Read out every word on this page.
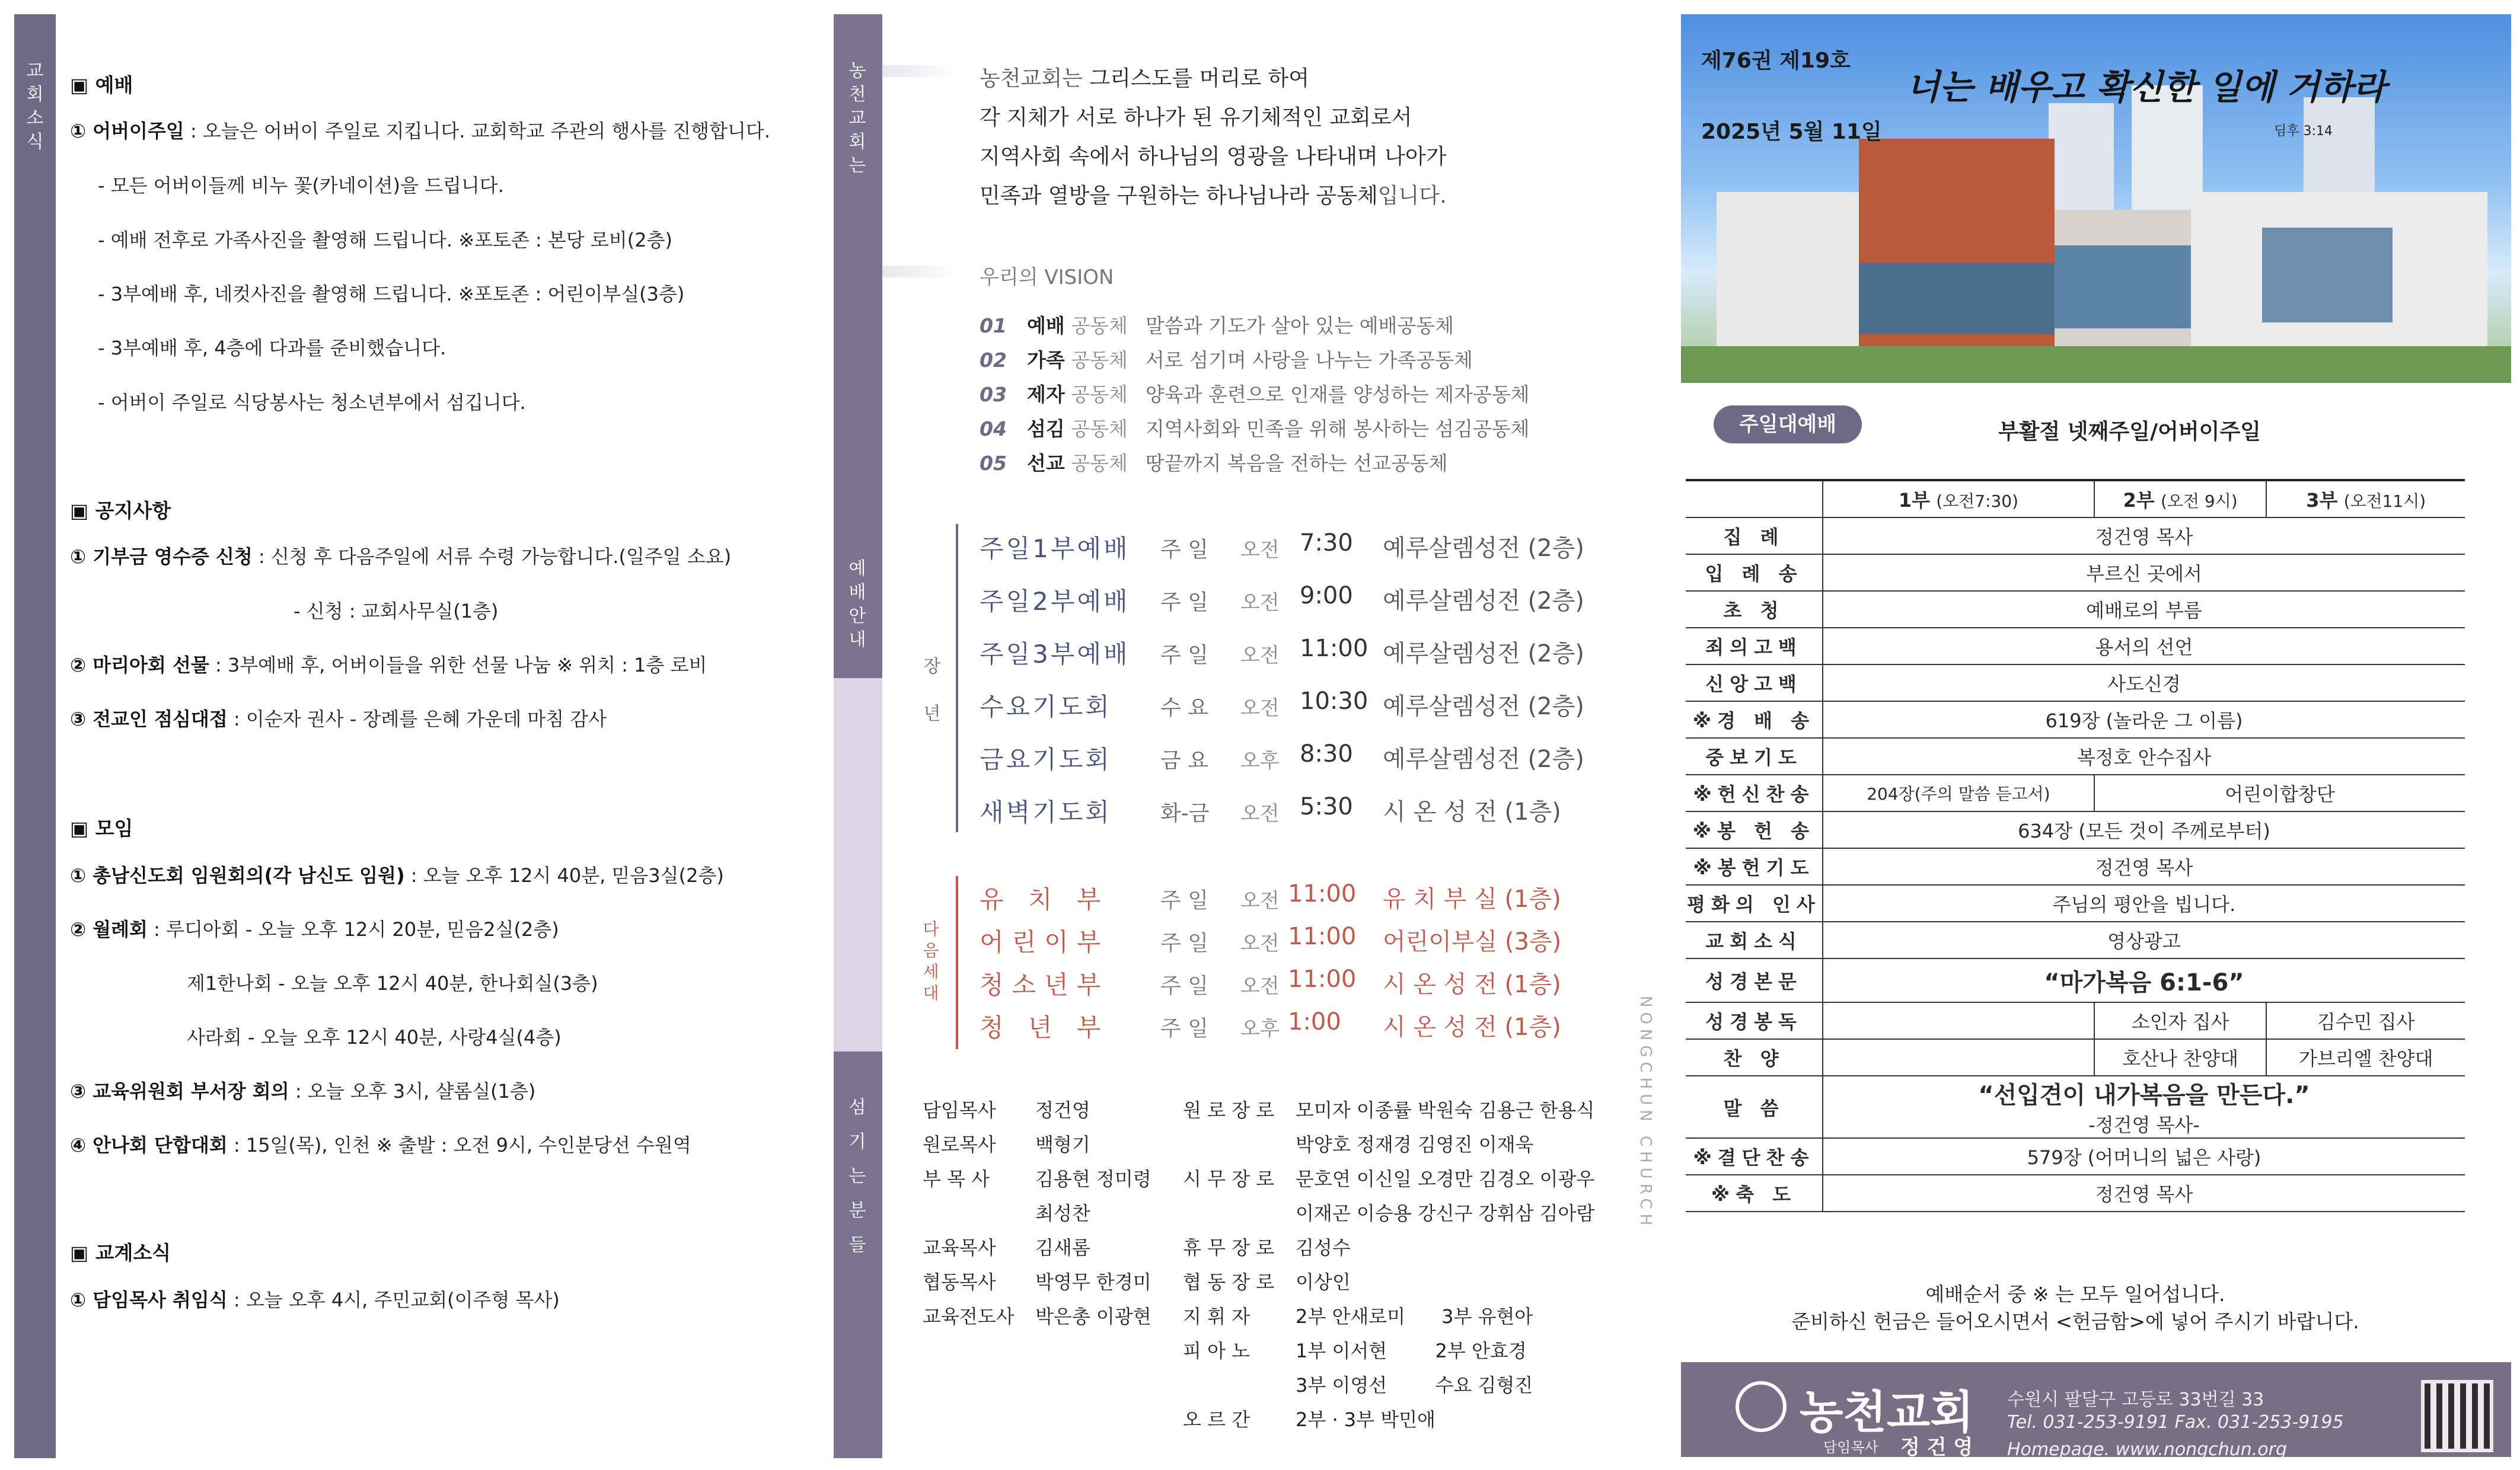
교회소식
▣ 예배
① 어버이주일 : 오늘은 어버이 주일로 지킵니다. 교회학교 주관의 행사를 진행합니다.
- 모든 어버이들께 비누 꽃(카네이션)을 드립니다.
- 예배 전후로 가족사진을 촬영해 드립니다. ※포토존 : 본당 로비(2층)
- 3부예배 후, 네컷사진을 촬영해 드립니다. ※포토존 : 어린이부실(3층)
- 3부예배 후, 4층에 다과를 준비했습니다.
- 어버이 주일로 식당봉사는 청소년부에서 섬깁니다.
▣ 공지사항
① 기부금 영수증 신청 : 신청 후 다음주일에 서류 수령 가능합니다.(일주일 소요)
- 신청 : 교회사무실(1층)
② 마리아회 선물 : 3부예배 후, 어버이들을 위한 선물 나눔 ※ 위치 : 1층 로비
③ 전교인 점심대접 : 이순자 권사 - 장례를 은혜 가운데 마침 감사
▣ 모임
① 총남신도회 임원회의(각 남신도 임원) : 오늘 오후 12시 40분, 믿음3실(2층)
② 월례회 : 루디아회 - 오늘 오후 12시 20분, 믿음2실(2층)
제1한나회 - 오늘 오후 12시 40분, 한나회실(3층)
사라회 - 오늘 오후 12시 40분, 사랑4실(4층)
③ 교육위원회 부서장 회의 : 오늘 오후 3시, 샬롬실(1층)
④ 안나회 단합대회 : 15일(목), 인천 ※ 출발 : 오전 9시, 수인분당선 수원역
▣ 교계소식
① 담임목사 취임식 : 오늘 오후 4시, 주민교회(이주형 목사)
농천교회는
농천교회는 그리스도를 머리로 하여
각 지체가 서로 하나가 된 유기체적인 교회로서
지역사회 속에서 하나님의 영광을 나타내며 나아가
민족과 열방을 구원하는 하나님나라 공동체입니다.
우리의 VISION
01 예배 공동체 말씀과 기도가 살아 있는 예배공동체
02 가족 공동체 서로 섬기며 사랑을 나누는 가족공동체
03 제자 공동체 양육과 훈련으로 인재를 양성하는 제자공동체
04 섬김 공동체 지역사회와 민족을 위해 봉사하는 섬김공동체
05 선교 공동체 땅끝까지 복음을 전하는 선교공동체
예배안내
장년
주일1부예배 주 일 오전 7:30 예루살렘성전 (2층)
주일2부예배 주 일 오전 9:00 예루살렘성전 (2층)
주일3부예배 주 일 오전 11:00 예루살렘성전 (2층)
수요기도회 수 요 오전 10:30 예루살렘성전 (2층)
금요기도회 금 요 오후 8:30 예루살렘성전 (2층)
새벽기도회 화-금 오전 5:30 시 온 성 전 (1층)
다음세대
유 치 부 주 일 오전 11:00 유 치 부 실 (1층)
어린이부 주 일 오전 11:00 어린이부실 (3층)
청소년부 주 일 오전 11:00 시 온 성 전 (1층)
청 년 부 주 일 오후 1:00 시 온 성 전 (1층)
섬기는분들
담임목사 정건영
원로목사 백형기
부 목 사 김용현 정미령
최성찬
교육목사 김새롬
협동목사 박영무 한경미
교육전도사 박은총 이광현
원 로 장 로 모미자 이종률 박원숙 김용근 한용식
박양호 정재경 김영진 이재욱
시 무 장 로 문호연 이신일 오경만 김경오 이광우
이재곤 이승용 강신구 강휘삼 김아람
휴 무 장 로 김성수
협 동 장 로 이상인
지 휘 자 2부 안새로미      3부 유현아
피 아 노 1부 이서현        2부 안효경
3부 이영선        수요 김형진
오 르 간 2부 · 3부 박민애
NONGCHUN CHURCH
제76권 제19호
2025년 5월 11일
너는 배우고 확신한 일에 거하라
딤후 3:14
주일대예배	부활절 넷째주일/어버이주일
	1부 (오전7:30)	2부 (오전 9시)	3부 (오전11시)
집 례	정건영 목사		
입 례 송	부르신 곳에서		
초 청	예배로의 부름		
죄의고백	용서의 선언		
신앙고백	사도신경		
※경 배 송	619장 (놀라운 그 이름)		
중보기도	복정호 안수집사		
※헌신찬송	204장(주의 말씀 듣고서)	어린이합창단	
※봉 헌 송	634장 (모든 것이 주께로부터)		
※봉헌기도	정건영 목사		
평화의 인사	주님의 평안을 빕니다.		
교회소식	영상광고		
성경본문	“마가복음 6:1-6”		
성경봉독		소인자 집사	김수민 집사
찬 양		호산나 찬양대	가브리엘 찬양대
말 씀	“선입견이 내가복음을 만든다.”
-정건영 목사-		

※결단찬송	579장 (어머니의 넓은 사랑)		
※축 도	정건영 목사		
예배순서 중 ※ 는 모두 일어섭니다.
준비하신 헌금은 들어오시면서 <헌금함>에 넣어 주시기 바랍니다.
농천교회
담임목사 정 건 영
수원시 팔달구 고등로 33번길 33
Tel. 031-253-9191 Fax. 031-253-9195
Homepage. www.nongchun.org
